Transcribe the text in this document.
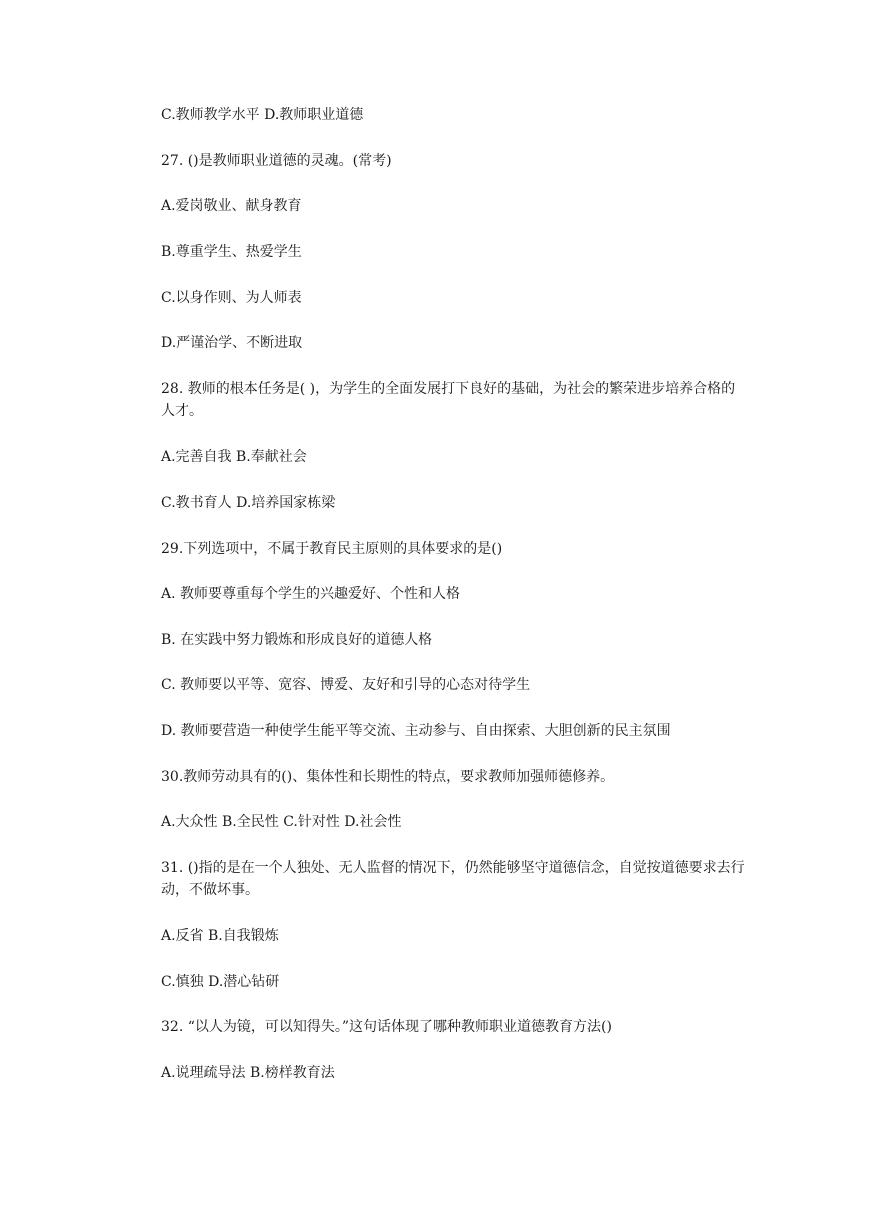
C.教师教学水平 D.教师职业道德
27. ()是教师职业道德的灵魂。(常考)
A.爱岗敬业、献身教育
B.尊重学生、热爱学生
C.以身作则、为人师表
D.严谨治学、不断进取
28. 教师的根本任务是( )，为学生的全面发展打下良好的基础，为社会的繁荣进步培养合格的人才。
A.完善自我 B.奉献社会
C.教书育人 D.培养国家栋梁
29.下列选项中，不属于教育民主原则的具体要求的是()
A. 教师要尊重每个学生的兴趣爱好、个性和人格
B. 在实践中努力锻炼和形成良好的道德人格
C. 教师要以平等、宽容、博爱、友好和引导的心态对待学生
D. 教师要营造一种使学生能平等交流、主动参与、自由探索、大胆创新的民主氛围
30.教师劳动具有的()、集体性和长期性的特点，要求教师加强师德修养。
A.大众性 B.全民性 C.针对性 D.社会性
31. ()指的是在一个人独处、无人监督的情况下，仍然能够坚守道德信念，自觉按道德要求去行 动，不做坏事。
A.反省 B.自我锻炼
C.慎独 D.潜心钻研
32. “以人为镜，可以知得失。”这句话体现了哪种教师职业道德教育方法()
A.说理疏导法 B.榜样教育法
